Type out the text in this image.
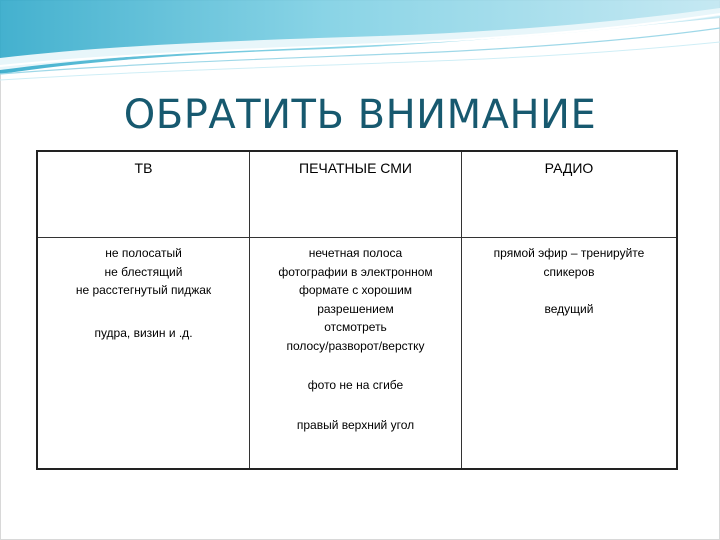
ОБРАТИТЬ ВНИМАНИЕ
ТВ	ПЕЧАТНЫЕ СМИ	РАДИО
не полосатый
не блестящий
не расстегнутый пиджак
пудра, визин и .д.
нечетная полоса
фотографии в электронном
формате с хорошим
разрешением
отсмотреть
полосу/разворот/верстку
фото не на сгибе
правый верхний угол
прямой эфир – тренируйте
спикеров
ведущий
